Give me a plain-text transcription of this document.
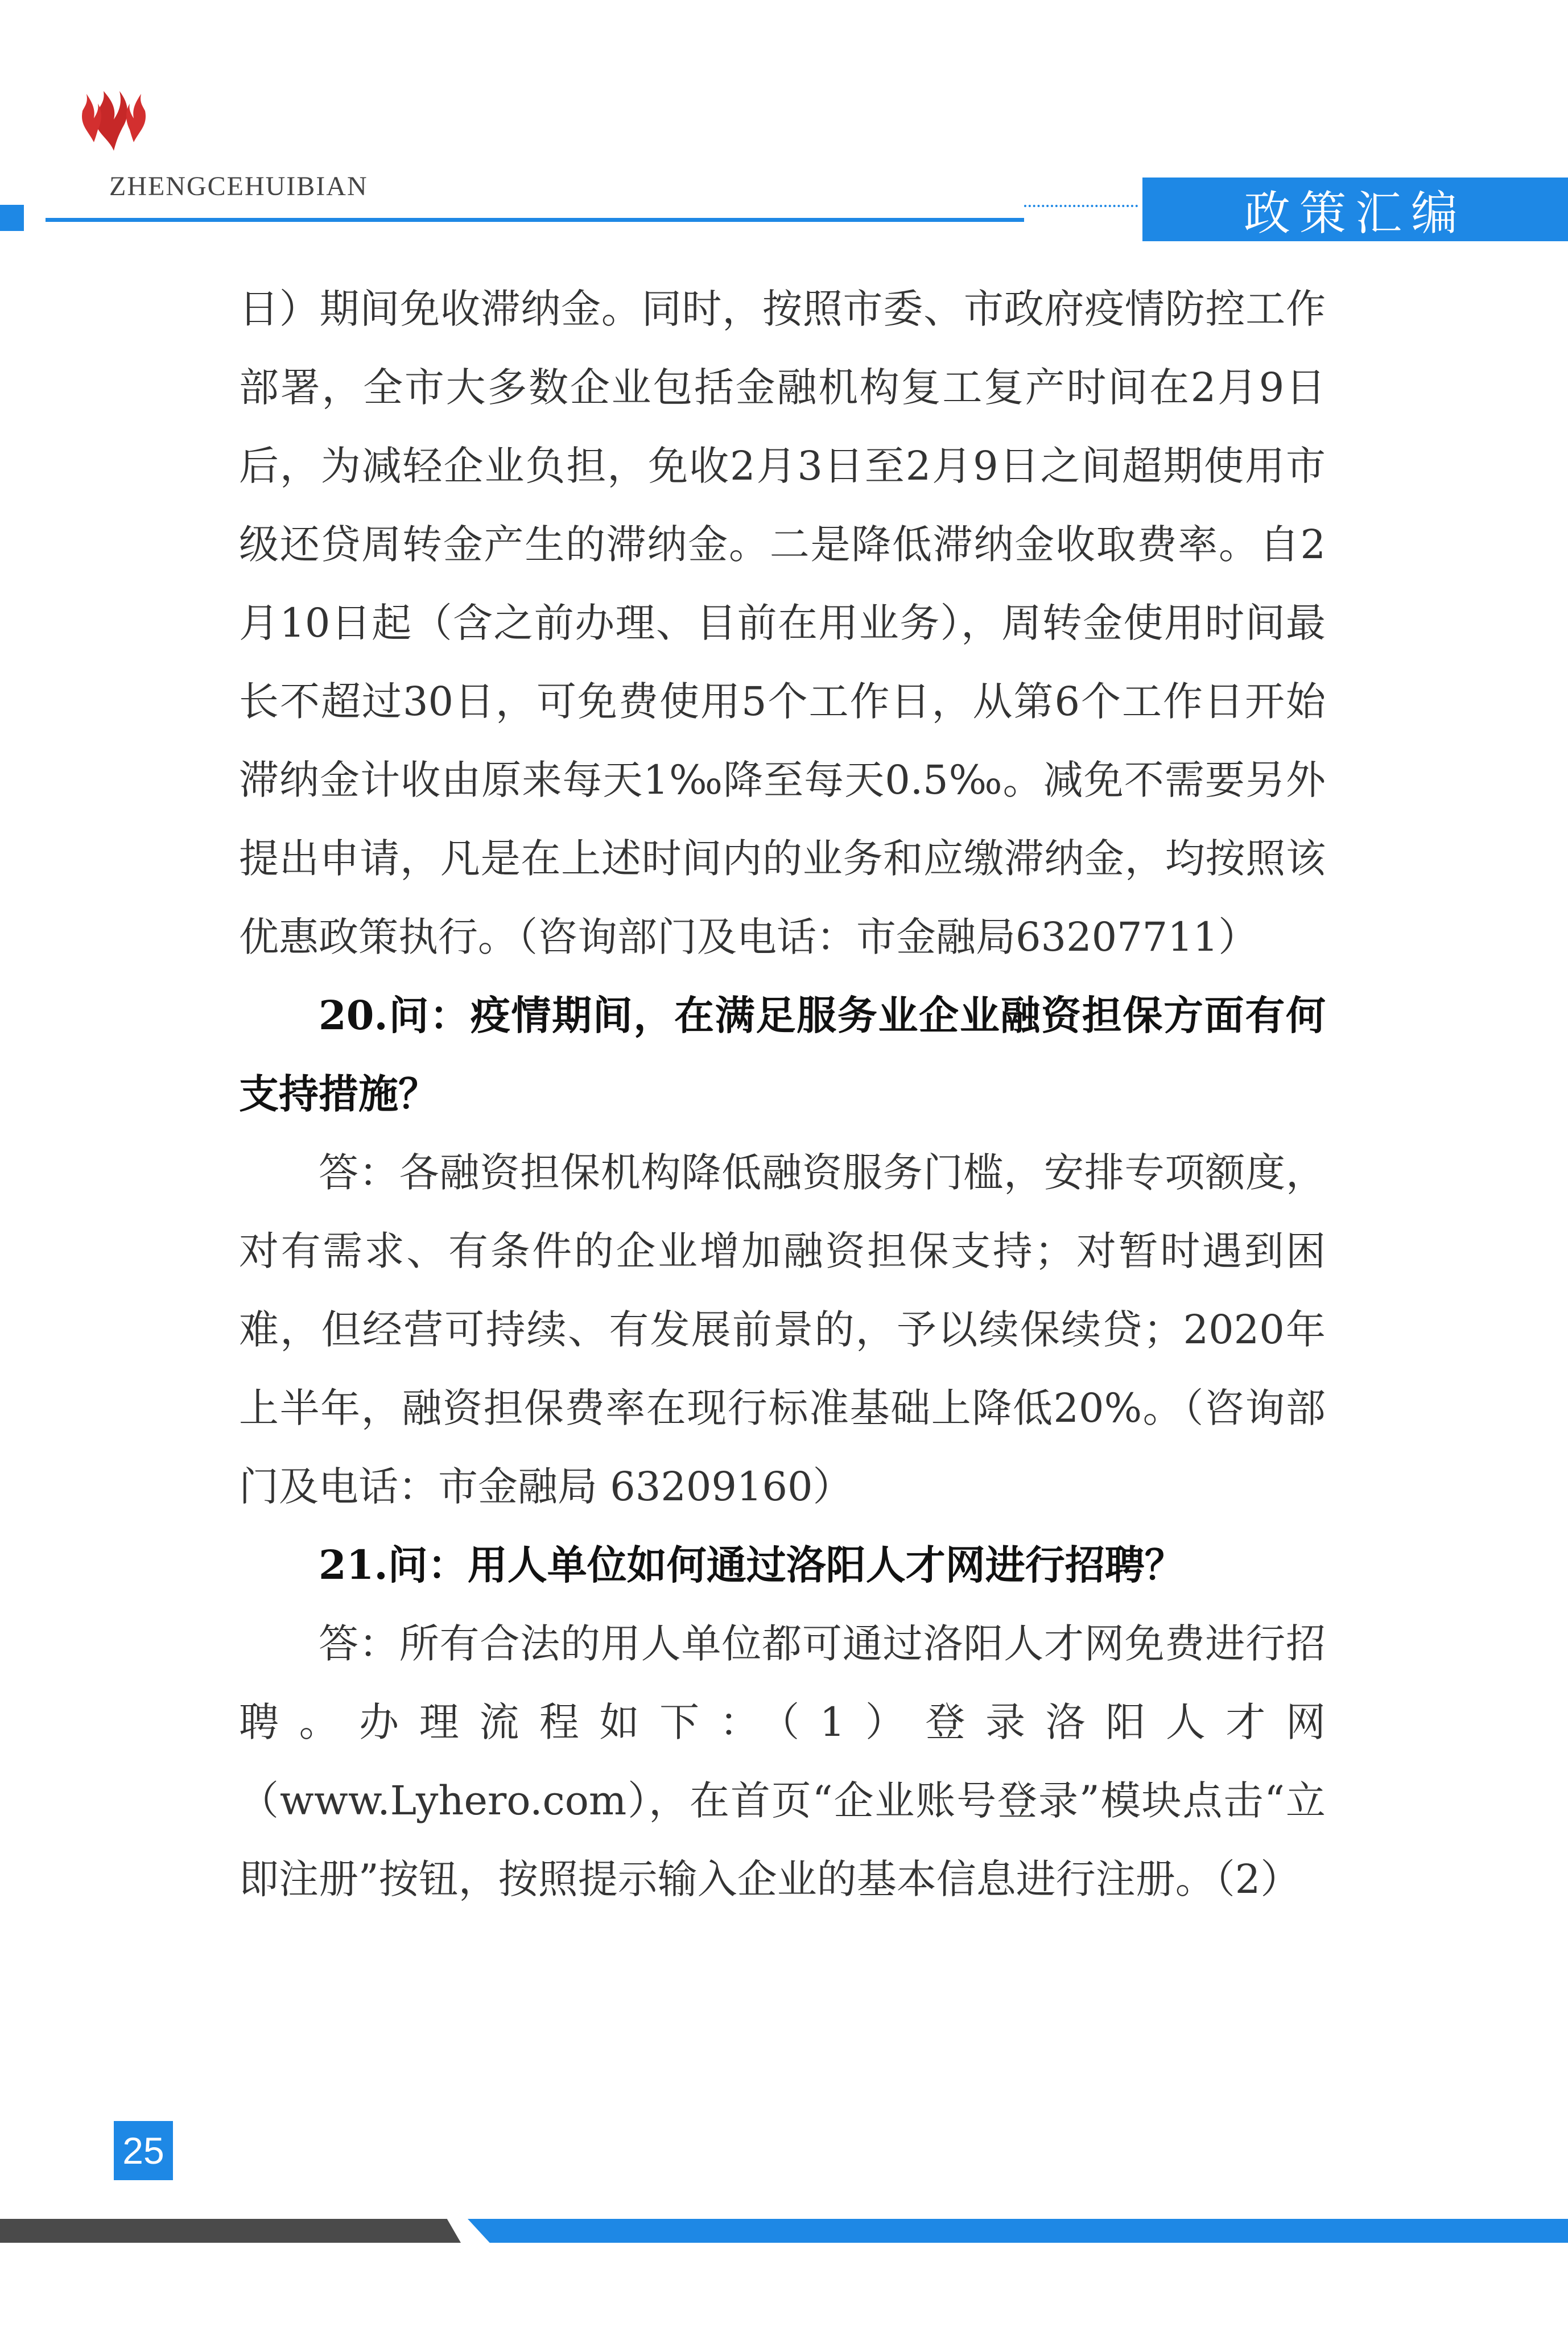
ZHENGCEHUIBIAN	政策汇编

日）期间免收滞纳金。同时，按照市委、市政府疫情防控工作部署，全市大多数企业包括金融机构复工复产时间在2月9日后，为减轻企业负担，免收2月3日至2月9日之间超期使用市级还贷周转金产生的滞纳金。二是降低滞纳金收取费率。自2月10日起（含之前办理、目前在用业务），周转金使用时间最长不超过30日，可免费使用5个工作日，从第6个工作日开始滞纳金计收由原来每天1‰降至每天0.5‰。减免不需要另外提出申请，凡是在上述时间内的业务和应缴滞纳金，均按照该优惠政策执行。（咨询部门及电话：市金融局63207711）

20.问：疫情期间，在满足服务业企业融资担保方面有何支持措施？

答：各融资担保机构降低融资服务门槛，安排专项额度，对有需求、有条件的企业增加融资担保支持；对暂时遇到困难，但经营可持续、有发展前景的，予以续保续贷；2020年上半年，融资担保费率在现行标准基础上降低20%。（咨询部门及电话：市金融局 63209160）

21.问：用人单位如何通过洛阳人才网进行招聘？

答：所有合法的用人单位都可通过洛阳人才网免费进行招聘。办理流程如下：（1）登录洛阳人才网（www.Lyhero.com），在首页“企业账号登录”模块点击“立即注册”按钮，按照提示输入企业的基本信息进行注册。（2）

25
